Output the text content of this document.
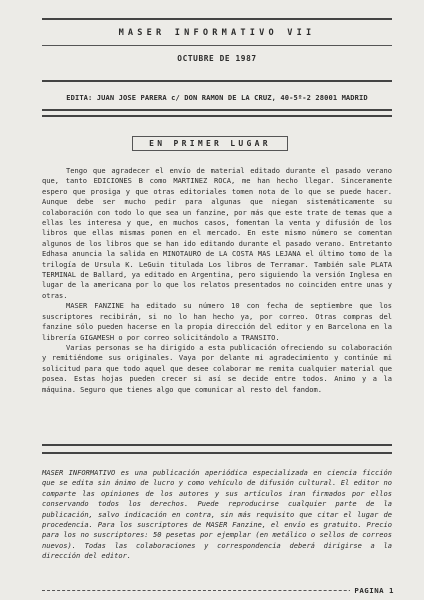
MASER INFORMATIVO VII
OCTUBRE DE 1987
EDITA: JUAN JOSE PARERA c/ DON RAMON DE LA CRUZ, 40-5º-2 28001 MADRID
EN PRIMER LUGAR

Tengo que agradecer el envío de material editado durante el pasado verano que, tanto EDICIONES B como MARTINEZ ROCA, me han hecho llegar. Sinceramente espero que prosiga y que otras editoriales tomen nota de lo que se puede hacer. Aunque debe ser mucho pedir para algunas que niegan sistemáticamente su colaboración con todo lo que sea un fanzine, por más que este trate de temas que a ellas les interesa y que, en muchos casos, fomentan la venta y difusión de los libros que ellas mismas ponen en el mercado. En este mismo número se comentan algunos de los libros que se han ido editando durante el pasado verano. Entretanto Edhasa anuncia la salida en MINOTAURO de LA COSTA MAS LEJANA el último tomo de la trilogía de Ursula K. LeGuin titulada Los libros de Terramar. También sale PLATA TERMINAL de Ballard, ya editado en Argentina, pero siguiendo la versión Inglesa en lugar de la americana por lo que los relatos presentados no coinciden entre unas y otras.

MASER FANZINE ha editado su número 10 con fecha de septiembre que los suscriptores recibirán, si no lo han hecho ya, por correo. Otras compras del fanzine sólo pueden hacerse en la propia dirección del editor y en Barcelona en la librería GIGAMESH o por correo solicitándolo a TRANSITO.

Varias personas se ha dirigido a esta publicación ofreciendo su colaboración y remitiéndome sus originales. Vaya por delante mi agradecimiento y continúe mi solicitud para que todo aquel que desee colaborar me remita cualquier material que posea. Estas hojas pueden crecer si así se decide entre todos. Animo y a la máquina. Seguro que tienes algo que comunicar al resto del fandom.

MASER INFORMATIVO es una publicación aperiódica especializada en ciencia ficción que se edita sin ánimo de lucro y como vehículo de difusión cultural. El editor no comparte las opiniones de los autores y sus artículos iran firmados por ellos conservando todos los derechos. Puede reproducirse cualquier parte de la publicación, salvo indicación en contra, sin más requisito que citar el lugar de procedencia. Para los suscriptores de MASER Fanzine, el envío es gratuito. Precio para los no suscriptores: 50 pesetas por ejemplar (en metálico o sellos de correos nuevos). Todas las colaboraciones y correspondencia deberá dirigirse a la dirección del editor.
PAGINA 1
